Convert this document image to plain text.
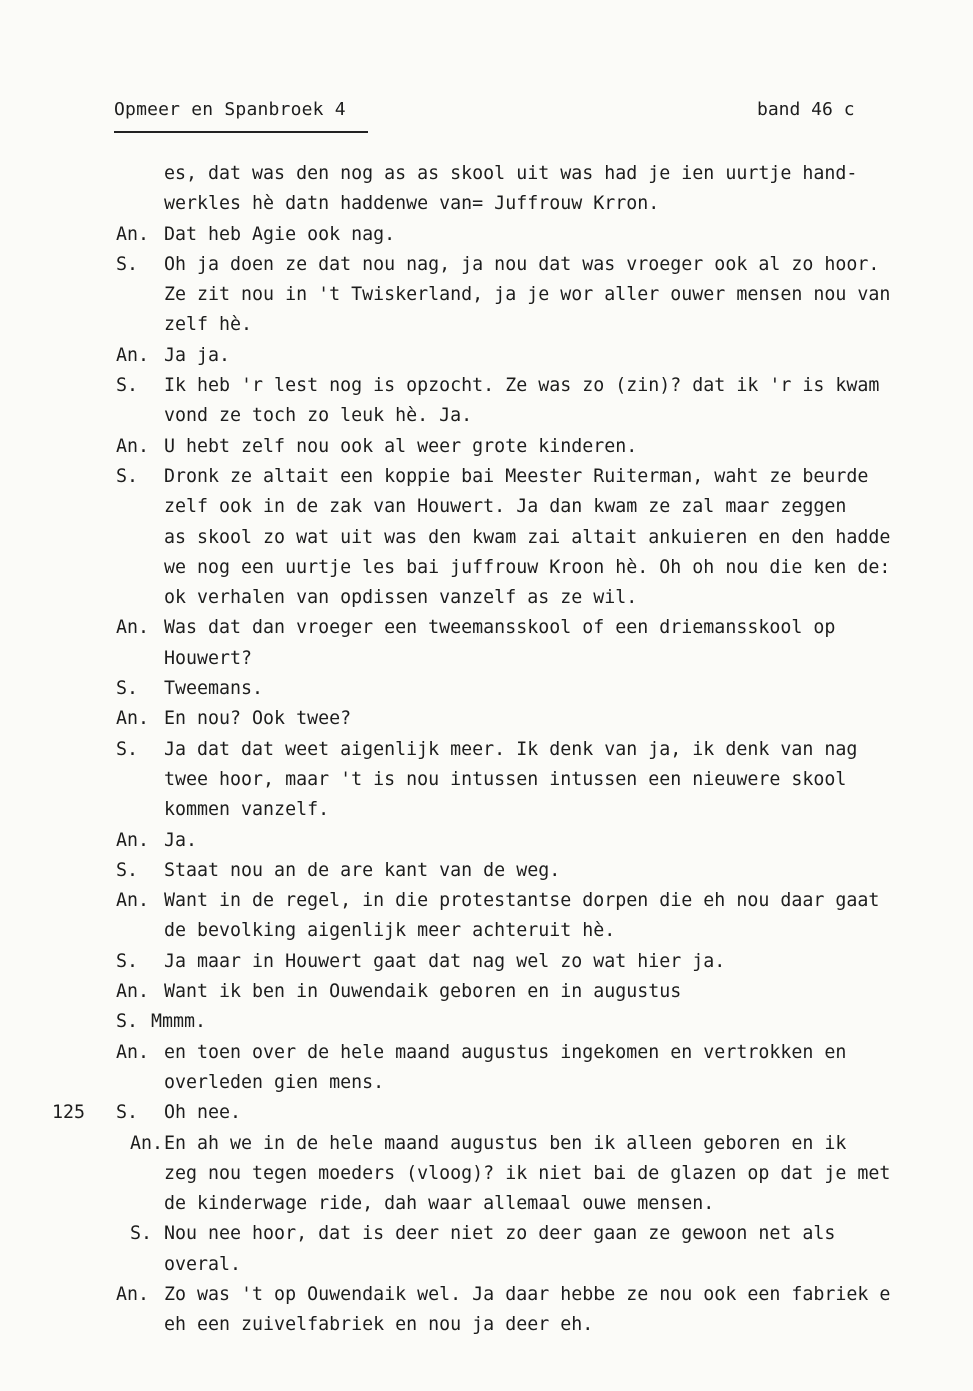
Opmeer en Spanbroek 4	band 46 c
es, dat was den nog as as skool uit was had je ien uurtje hand-
werkles hè datn haddenwe van= Juffrouw Krron.
An. Dat heb Agie ook nag.
S. Oh ja doen ze dat nou nag, ja nou dat was vroeger ook al zo hoor.
Ze zit nou in 't Twiskerland, ja je wor aller ouwer mensen nou van
zelf hè.
An. Ja ja.
S. Ik heb 'r lest nog is opzocht. Ze was zo (zin)? dat ik 'r is kwam
vond ze toch zo leuk hè. Ja.
An. U hebt zelf nou ook al weer grote kinderen.
S. Dronk ze altait een koppie bai Meester Ruiterman, waht ze beurde
zelf ook in de zak van Houwert. Ja dan kwam ze zal maar zeggen
as skool zo wat uit was den kwam zai altait ankuieren en den hadde
we nog een uurtje les bai juffrouw Kroon hè. Oh oh nou die ken de:
ok verhalen van opdissen vanzelf as ze wil.
An. Was dat dan vroeger een tweemansskool of een driemansskool op
Houwert?
S. Tweemans.
An. En nou? Ook twee?
S. Ja dat dat weet aigenlijk meer. Ik denk van ja, ik denk van nag
twee hoor, maar 't is nou intussen intussen een nieuwere skool
kommen vanzelf.
An. Ja.
S. Staat nou an de are kant van de weg.
An. Want in de regel, in die protestantse dorpen die eh nou daar gaat
de bevolking aigenlijk meer achteruit hè.
S. Ja maar in Houwert gaat dat nag wel zo wat hier ja.
An. Want ik ben in Ouwendaik geboren en in augustus
S. Mmmm.
An. en toen over de hele maand augustus ingekomen en vertrokken en
overleden gien mens.
125 S. Oh nee.
An. En ah we in de hele maand augustus ben ik alleen geboren en ik
zeg nou tegen moeders (vloog)? ik niet bai de glazen op dat je met
de kinderwage ride, dah waar allemaal ouwe mensen.
S. Nou nee hoor, dat is deer niet zo deer gaan ze gewoon net als
overal.
An. Zo was 't op Ouwendaik wel. Ja daar hebbe ze nou ook een fabriek e
eh een zuivelfabriek en nou ja deer eh.
